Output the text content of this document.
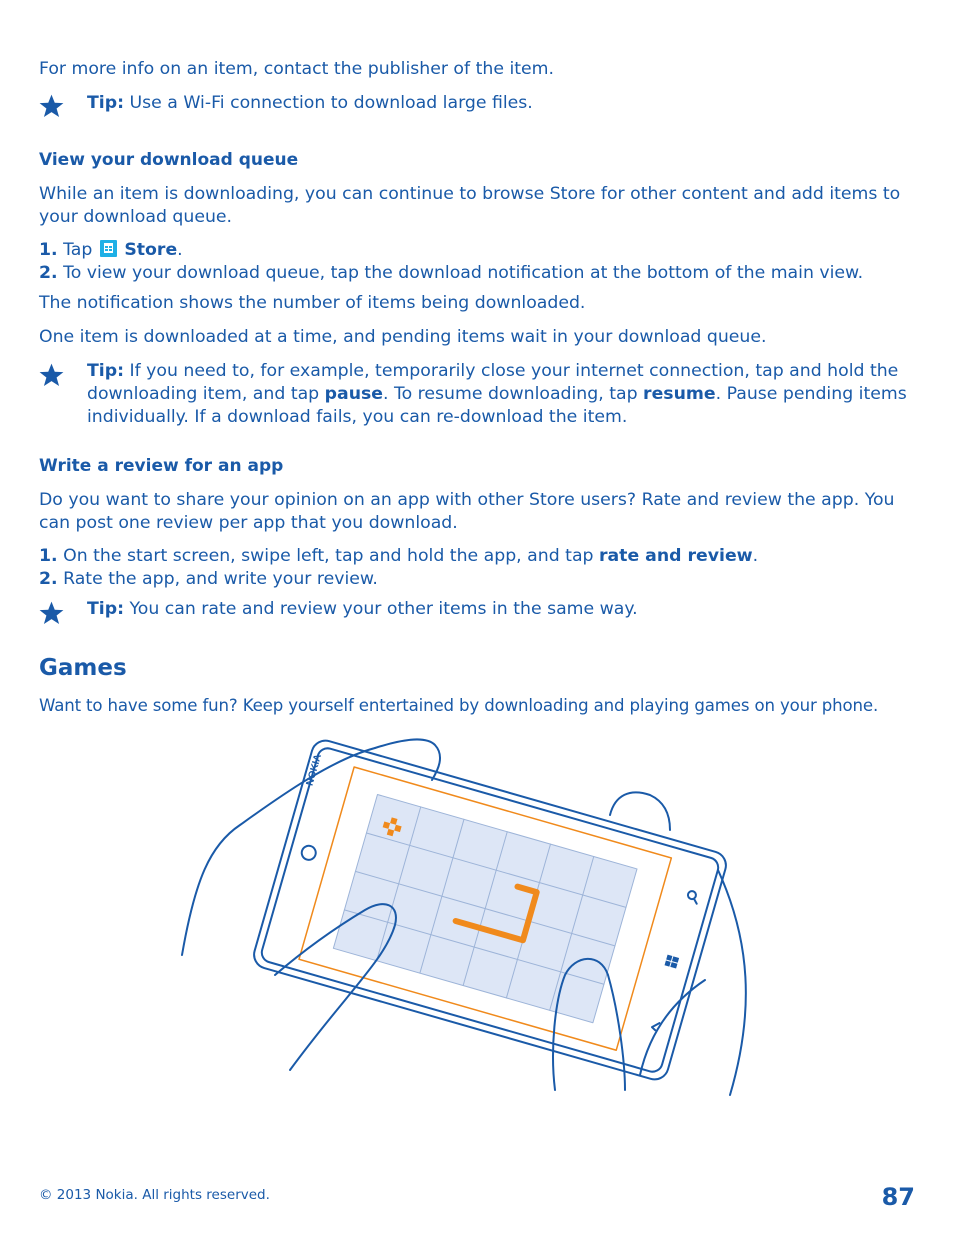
For more info on an item, contact the publisher of the item.
Tip: Use a Wi-Fi connection to download large files.
View your download queue
While an item is downloading, you can continue to browse Store for other content and add items to
your download queue.
1. Tap  Store.
2. To view your download queue, tap the download notification at the bottom of the main view.
The notification shows the number of items being downloaded.
One item is downloaded at a time, and pending items wait in your download queue.
Tip: If you need to, for example, temporarily close your internet connection, tap and hold the
downloading item, and tap pause. To resume downloading, tap resume. Pause pending items
individually. If a download fails, you can re-download the item.
Write a review for an app
Do you want to share your opinion on an app with other Store users? Rate and review the app. You
can post one review per app that you download.
1. On the start screen, swipe left, tap and hold the app, and tap rate and review.
2. Rate the app, and write your review.
Tip: You can rate and review your other items in the same way.
Games
Want to have some fun? Keep yourself entertained by downloading and playing games on your phone.
NOKIA
© 2013 Nokia. All rights reserved.	87
